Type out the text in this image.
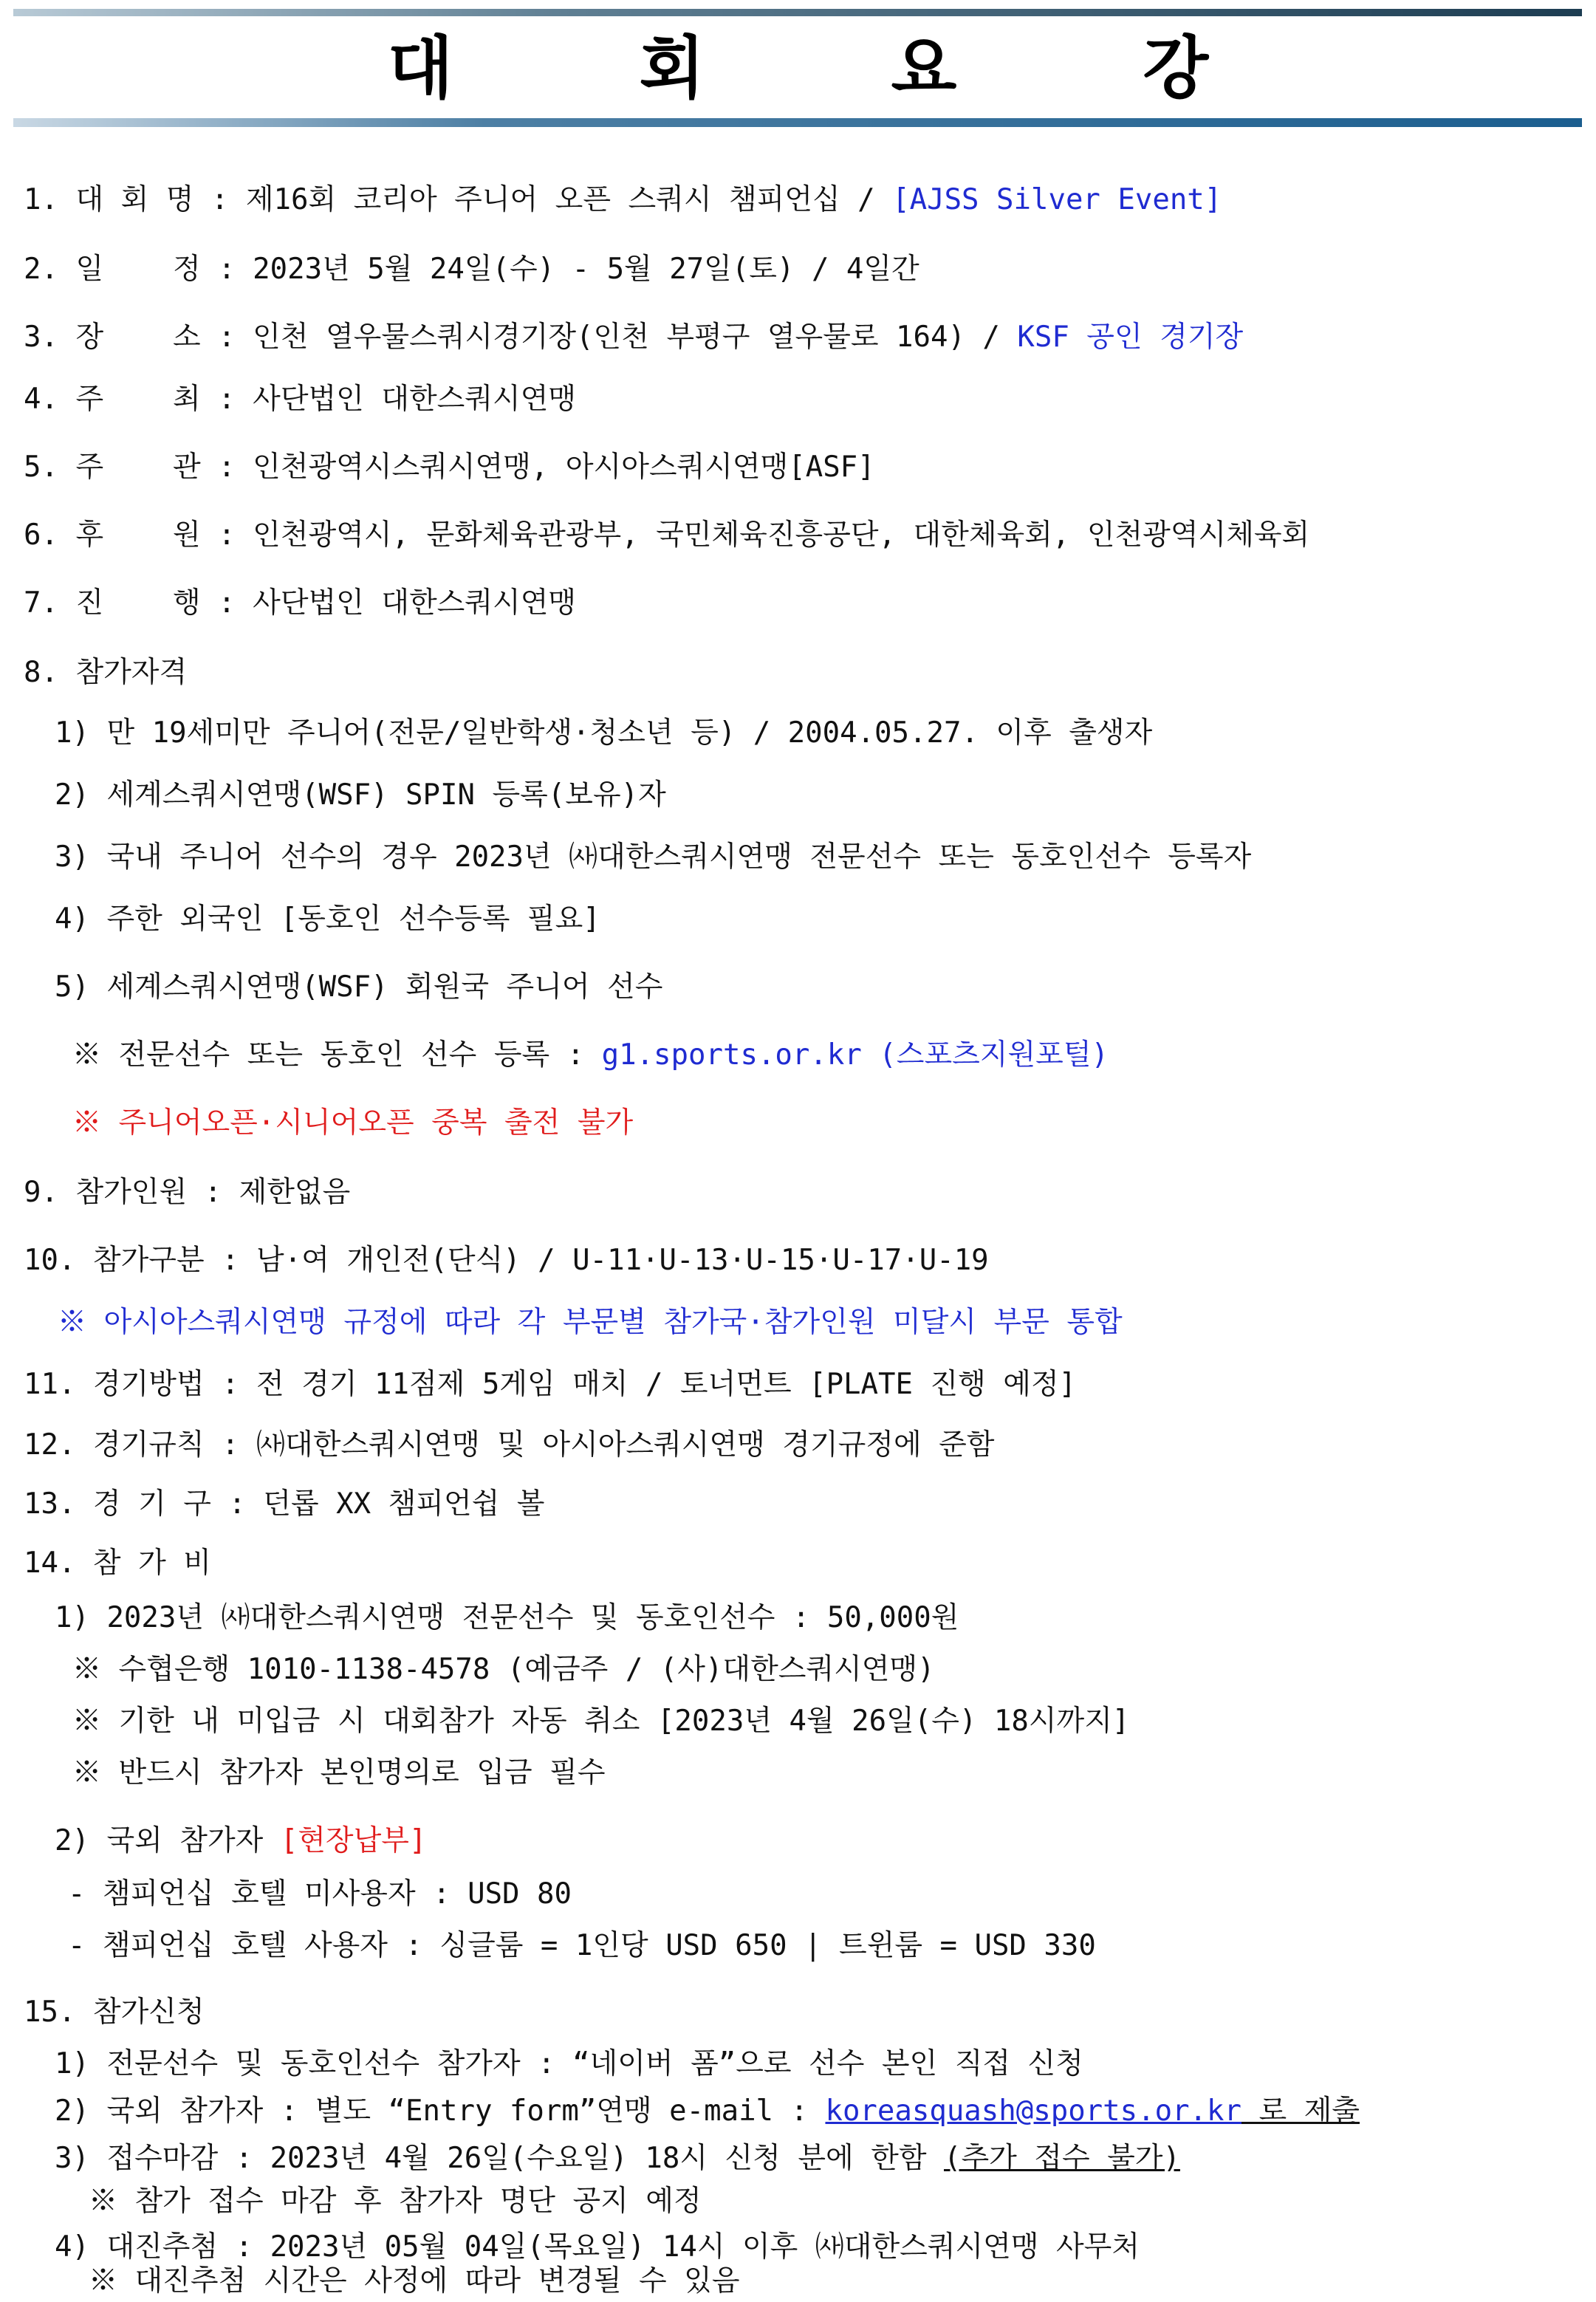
대 회 요 강
1. 대 회 명 : 제16회 코리아 주니어 오픈 스쿼시 챔피언십 / [AJSS Silver Event]
2. 일    정 : 2023년 5월 24일(수) - 5월 27일(토) / 4일간
3. 장    소 : 인천 열우물스쿼시경기장(인천 부평구 열우물로 164) / KSF 공인 경기장
4. 주    최 : 사단법인 대한스쿼시연맹
5. 주    관 : 인천광역시스쿼시연맹, 아시아스쿼시연맹[ASF]
6. 후    원 : 인천광역시, 문화체육관광부, 국민체육진흥공단, 대한체육회, 인천광역시체육회
7. 진    행 : 사단법인 대한스쿼시연맹
8. 참가자격
1) 만 19세미만 주니어(전문/일반학생·청소년 등) / 2004.05.27. 이후 출생자
2) 세계스쿼시연맹(WSF) SPIN 등록(보유)자
3) 국내 주니어 선수의 경우 2023년 ㈔대한스쿼시연맹 전문선수 또는 동호인선수 등록자
4) 주한 외국인 [동호인 선수등록 필요]
5) 세계스쿼시연맹(WSF) 회원국 주니어 선수
※ 전문선수 또는 동호인 선수 등록 : g1.sports.or.kr (스포츠지원포털)
※ 주니어오픈·시니어오픈 중복 출전 불가
9. 참가인원 : 제한없음
10. 참가구분 : 남·여 개인전(단식) / U-11·U-13·U-15·U-17·U-19
※ 아시아스쿼시연맹 규정에 따라 각 부문별 참가국·참가인원 미달시 부문 통합
11. 경기방법 : 전 경기 11점제 5게임 매치 / 토너먼트 [PLATE 진행 예정]
12. 경기규칙 : ㈔대한스쿼시연맹 및 아시아스쿼시연맹 경기규정에 준함
13. 경 기 구 : 던롭 XX 챔피언쉽 볼
14. 참 가 비
1) 2023년 ㈔대한스쿼시연맹 전문선수 및 동호인선수 : 50,000원
※ 수협은행 1010-1138-4578 (예금주 / (사)대한스쿼시연맹)
※ 기한 내 미입금 시 대회참가 자동 취소 [2023년 4월 26일(수) 18시까지]
※ 반드시 참가자 본인명의로 입금 필수
2) 국외 참가자 [현장납부]
- 챔피언십 호텔 미사용자 : USD 80
- 챔피언십 호텔 사용자 : 싱글룸 = 1인당 USD 650 | 트윈룸 = USD 330
15. 참가신청
1) 전문선수 및 동호인선수 참가자 : “네이버 폼”으로 선수 본인 직접 신청
2) 국외 참가자 : 별도 “Entry form”연맹 e-mail : koreasquash@sports.or.kr 로 제출
3) 접수마감 : 2023년 4월 26일(수요일) 18시 신청 분에 한함 (추가 접수 불가)
※ 참가 접수 마감 후 참가자 명단 공지 예정
4) 대진추첨 : 2023년 05월 04일(목요일) 14시 이후 ㈔대한스쿼시연맹 사무처
※ 대진추첨 시간은 사정에 따라 변경될 수 있음
